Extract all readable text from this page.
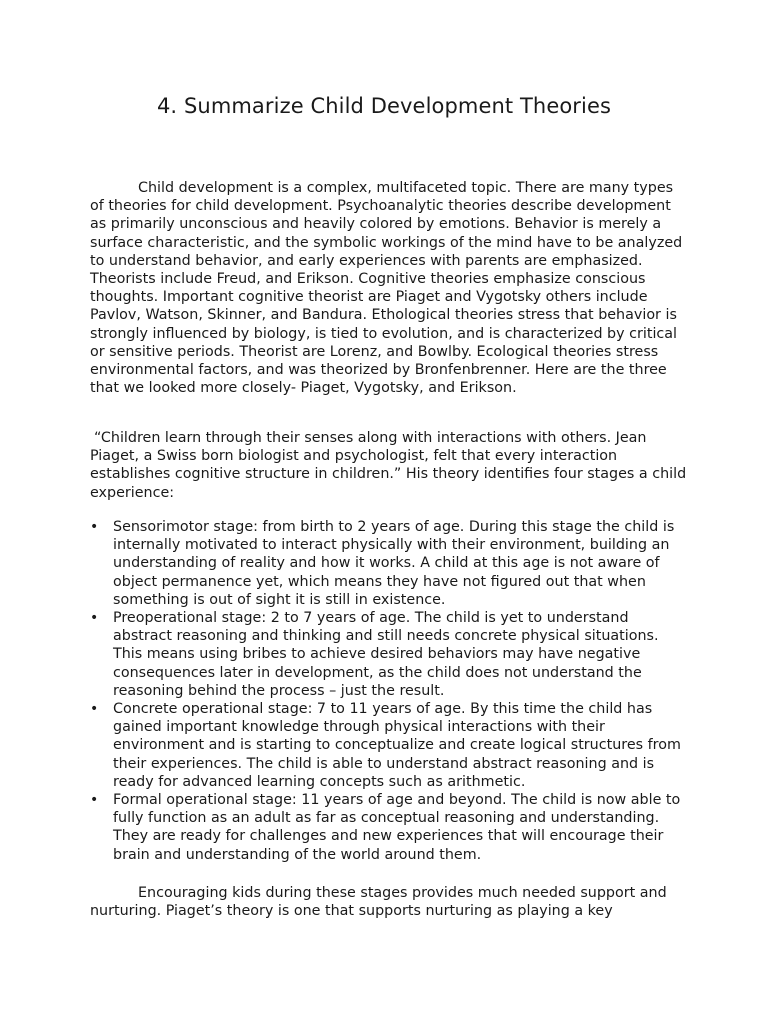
4. Summarize Child Development Theories

Child development is a complex, multifaceted topic. There are many types of theories for child development. Psychoanalytic theories describe development as primarily unconscious and heavily colored by emotions. Behavior is merely a surface characteristic, and the symbolic workings of the mind have to be analyzed to understand behavior, and early experiences with parents are emphasized. Theorists include Freud, and Erikson. Cognitive theories emphasize conscious thoughts. Important cognitive theorist are Piaget and Vygotsky others include Pavlov, Watson, Skinner, and Bandura. Ethological theories stress that behavior is strongly influenced by biology, is tied to evolution, and is characterized by critical or sensitive periods. Theorist are Lorenz, and Bowlby. Ecological theories stress environmental factors, and was theorized by Bronfenbrenner. Here are the three that we looked more closely- Piaget, Vygotsky, and Erikson.

“Children learn through their senses along with interactions with others. Jean Piaget, a Swiss born biologist and psychologist, felt that every interaction establishes cognitive structure in children.” His theory identifies four stages a child experience:

• Sensorimotor stage: from birth to 2 years of age. During this stage the child is internally motivated to interact physically with their environment, building an understanding of reality and how it works. A child at this age is not aware of object permanence yet, which means they have not figured out that when something is out of sight it is still in existence.
• Preoperational stage: 2 to 7 years of age. The child is yet to understand abstract reasoning and thinking and still needs concrete physical situations. This means using bribes to achieve desired behaviors may have negative consequences later in development, as the child does not understand the reasoning behind the process – just the result.
• Concrete operational stage: 7 to 11 years of age. By this time the child has gained important knowledge through physical interactions with their environment and is starting to conceptualize and create logical structures from their experiences. The child is able to understand abstract reasoning and is ready for advanced learning concepts such as arithmetic.
• Formal operational stage: 11 years of age and beyond. The child is now able to fully function as an adult as far as conceptual reasoning and understanding. They are ready for challenges and new experiences that will encourage their brain and understanding of the world around them.

Encouraging kids during these stages provides much needed support and nurturing. Piaget’s theory is one that supports nurturing as playing a key
